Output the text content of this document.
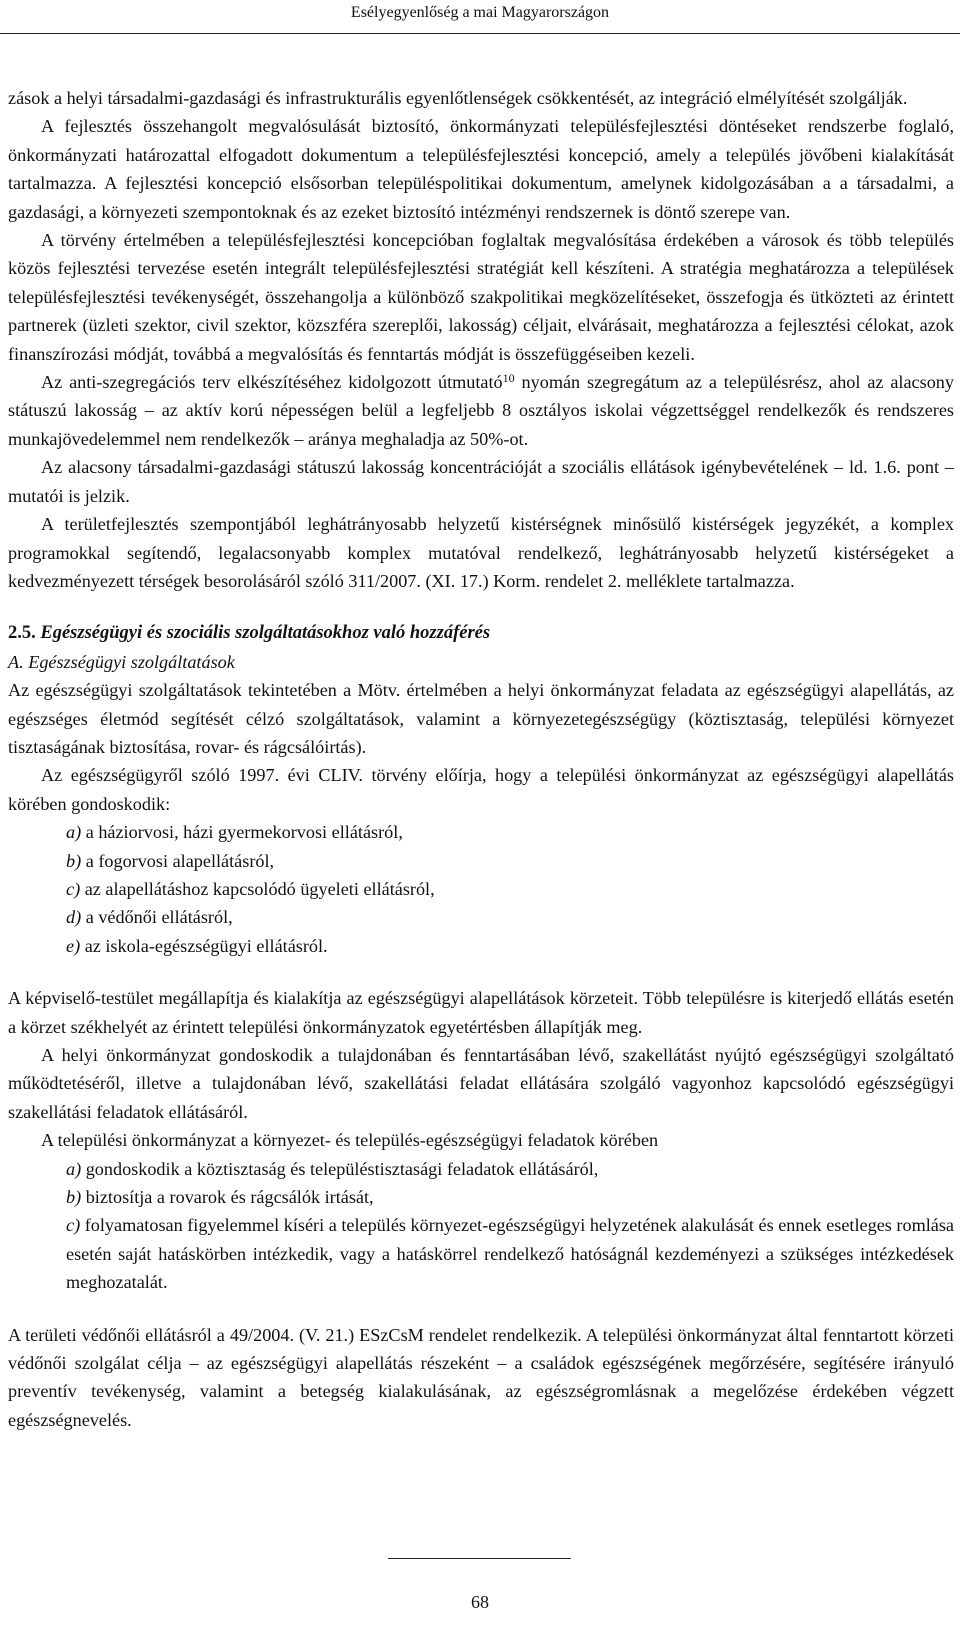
Esélyegyenlőség a mai Magyarországon

zások a helyi társadalmi-gazdasági és infrastrukturális egyenlőtlenségek csökkentését, az integráció elmélyítését szolgálják.

A fejlesztés összehangolt megvalósulását biztosító, önkormányzati településfejlesztési döntéseket rendszerbe foglaló, önkormányzati határozattal elfogadott dokumentum a településfejlesztési koncepció, amely a település jövőbeni kialakítását tartalmazza. A fejlesztési koncepció elsősorban településpolitikai dokumentum, amelynek kidolgozásában a a társadalmi, a gazdasági, a környezeti szempontoknak és az ezeket biztosító intézményi rendszernek is döntő szerepe van.

A törvény értelmében a településfejlesztési koncepcióban foglaltak megvalósítása érdekében a városok és több település közös fejlesztési tervezése esetén integrált településfejlesztési stratégiát kell készíteni. A stratégia meghatározza a települések településfejlesztési tevékenységét, összehangolja a különböző szakpolitikai megközelítéseket, összefogja és ütközteti az érintett partnerek (üzleti szektor, civil szektor, közszféra szereplői, lakosság) céljait, elvárásait, meghatározza a fejlesztési célokat, azok finanszírozási módját, továbbá a megvalósítás és fenntartás módját is összefüggéseiben kezeli.

Az anti-szegregációs terv elkészítéséhez kidolgozott útmutató$^{10}$ nyomán szegregátum az a településrész, ahol az alacsony státuszú lakosság – az aktív korú népességen belül a legfeljebb 8 osztályos iskolai végzettséggel rendelkezők és rendszeres munkajövedelemmel nem rendelkezők – aránya meghaladja az 50%-ot.

Az alacsony társadalmi-gazdasági státuszú lakosság koncentrációját a szociális ellátások igénybevételének – ld. 1.6. pont – mutatói is jelzik.

A területfejlesztés szempontjából leghátrányosabb helyzetű kistérségnek minősülő kistérségek jegyzékét, a komplex programokkal segítendő, legalacsonyabb komplex mutatóval rendelkező, leghátrányosabb helyzetű kistérségeket a kedvezményezett térségek besorolásáról szóló 311/2007. (XI. 17.) Korm. rendelet 2. melléklete tartalmazza.

2.5. Egészségügyi és szociális szolgáltatásokhoz való hozzáférés

A. Egészségügyi szolgáltatások

Az egészségügyi szolgáltatások tekintetében a Mötv. értelmében a helyi önkormányzat feladata az egészségügyi alapellátás, az egészséges életmód segítését célzó szolgáltatások, valamint a környezetegészségügy (köztisztaság, települési környezet tisztaságának biztosítása, rovar- és rágcsálóirtás).

Az egészségügyről szóló 1997. évi CLIV. törvény előírja, hogy a települési önkormányzat az egészségügyi alapellátás körében gondoskodik:

a) a háziorvosi, házi gyermekorvosi ellátásról,
b) a fogorvosi alapellátásról,
c) az alapellátáshoz kapcsolódó ügyeleti ellátásról,
d) a védőnői ellátásról,
e) az iskola-egészségügyi ellátásról.

A képviselő-testület megállapítja és kialakítja az egészségügyi alapellátások körzeteit. Több településre is kiterjedő ellátás esetén a körzet székhelyét az érintett települési önkormányzatok egyetértésben állapítják meg.

A helyi önkormányzat gondoskodik a tulajdonában és fenntartásában lévő, szakellátást nyújtó egészségügyi szolgáltató működtetéséről, illetve a tulajdonában lévő, szakellátási feladat ellátására szolgáló vagyonhoz kapcsolódó egészségügyi szakellátási feladatok ellátásáról.

A települési önkormányzat a környezet- és település-egészségügyi feladatok körében

a) gondoskodik a köztisztaság és településtisztasági feladatok ellátásáról,
b) biztosítja a rovarok és rágcsálók irtását,
c) folyamatosan figyelemmel kíséri a település környezet-egészségügyi helyzetének alakulását és ennek esetleges romlása esetén saját hatáskörben intézkedik, vagy a hatáskörrel rendelkező hatóságnál kezdeményezi a szükséges intézkedések meghozatalát.

A területi védőnői ellátásról a 49/2004. (V. 21.) ESzCsM rendelet rendelkezik. A települési önkormányzat által fenntartott körzeti védőnői szolgálat célja – az egészségügyi alapellátás részeként – a családok egészségének megőrzésére, segítésére irányuló preventív tevékenység, valamint a betegség kialakulásának, az egészségromlásnak a megelőzése érdekében végzett egészségnevelés.

68
